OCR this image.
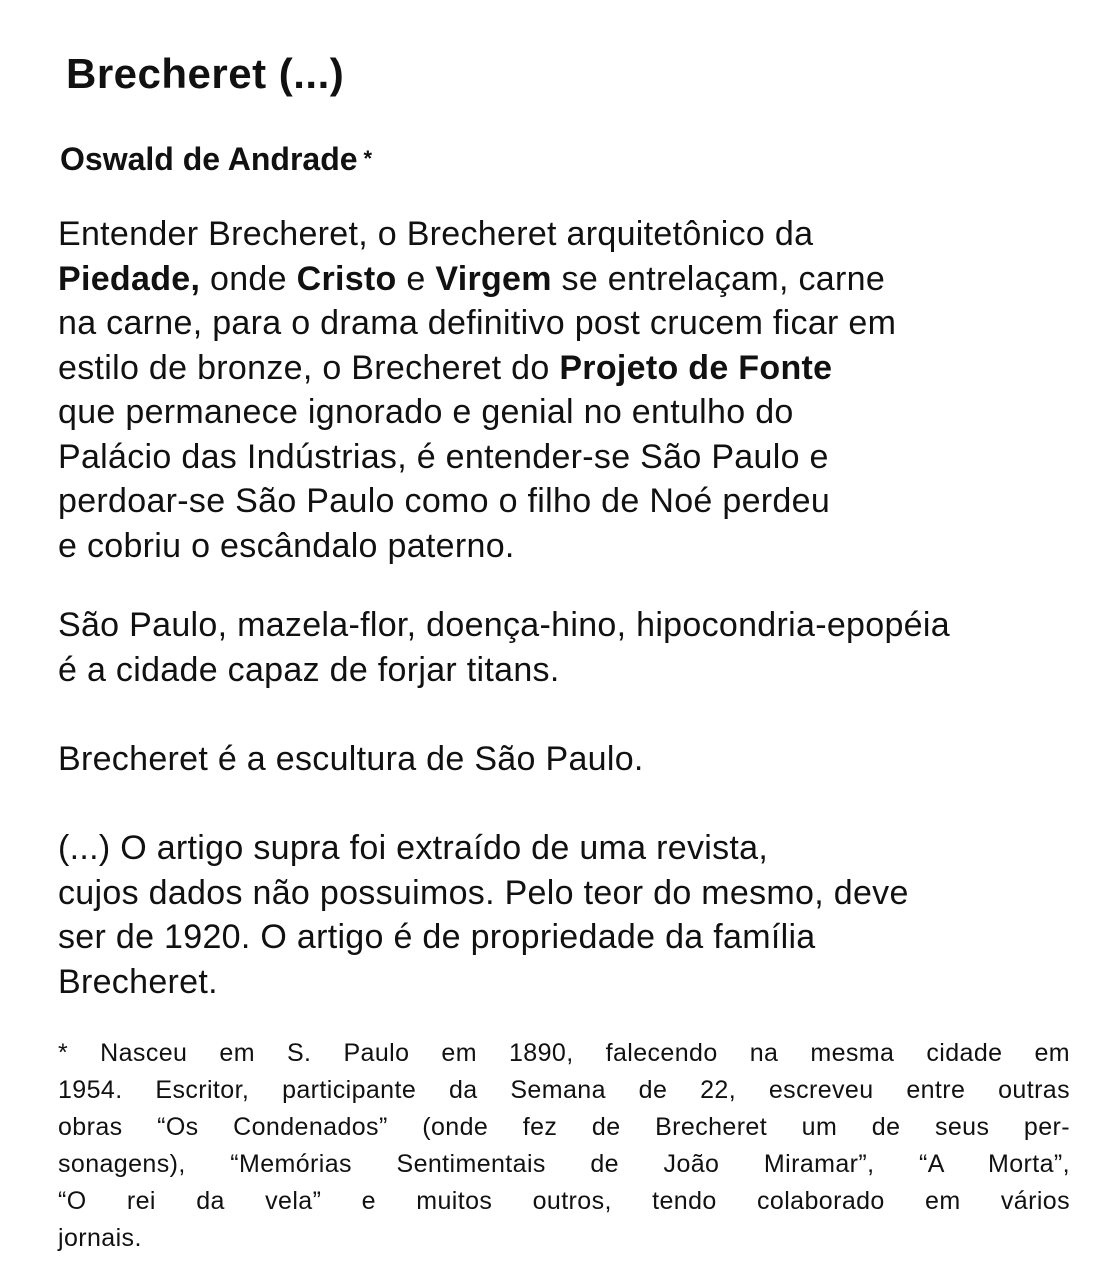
Brecheret (...)
Oswald de Andrade *
Entender Brecheret, o Brecheret arquitetônico da
Piedade, onde Cristo e Virgem se entrelaçam, carne
na carne, para o drama definitivo post crucem ficar em
estilo de bronze, o Brecheret do Projeto de Fonte
que permanece ignorado e genial no entulho do
Palácio das Indústrias, é entender-se São Paulo e
perdoar-se São Paulo como o filho de Noé perdeu
e cobriu o escândalo paterno.
São Paulo, mazela-flor, doença-hino, hipocondria-epopéia
é a cidade capaz de forjar titans.
Brecheret é a escultura de São Paulo.
(...) O artigo supra foi extraído de uma revista,
cujos dados não possuimos. Pelo teor do mesmo, deve
ser de 1920. O artigo é de propriedade da família
Brecheret.
* Nasceu em S. Paulo em 1890, falecendo na mesma cidade em
1954. Escritor, participante da Semana de 22, escreveu entre outras
obras “Os Condenados” (onde fez de Brecheret um de seus per-
sonagens), “Memórias Sentimentais de João Miramar”, “A Morta”,
“O rei da vela” e muitos outros, tendo colaborado em vários
jornais.
